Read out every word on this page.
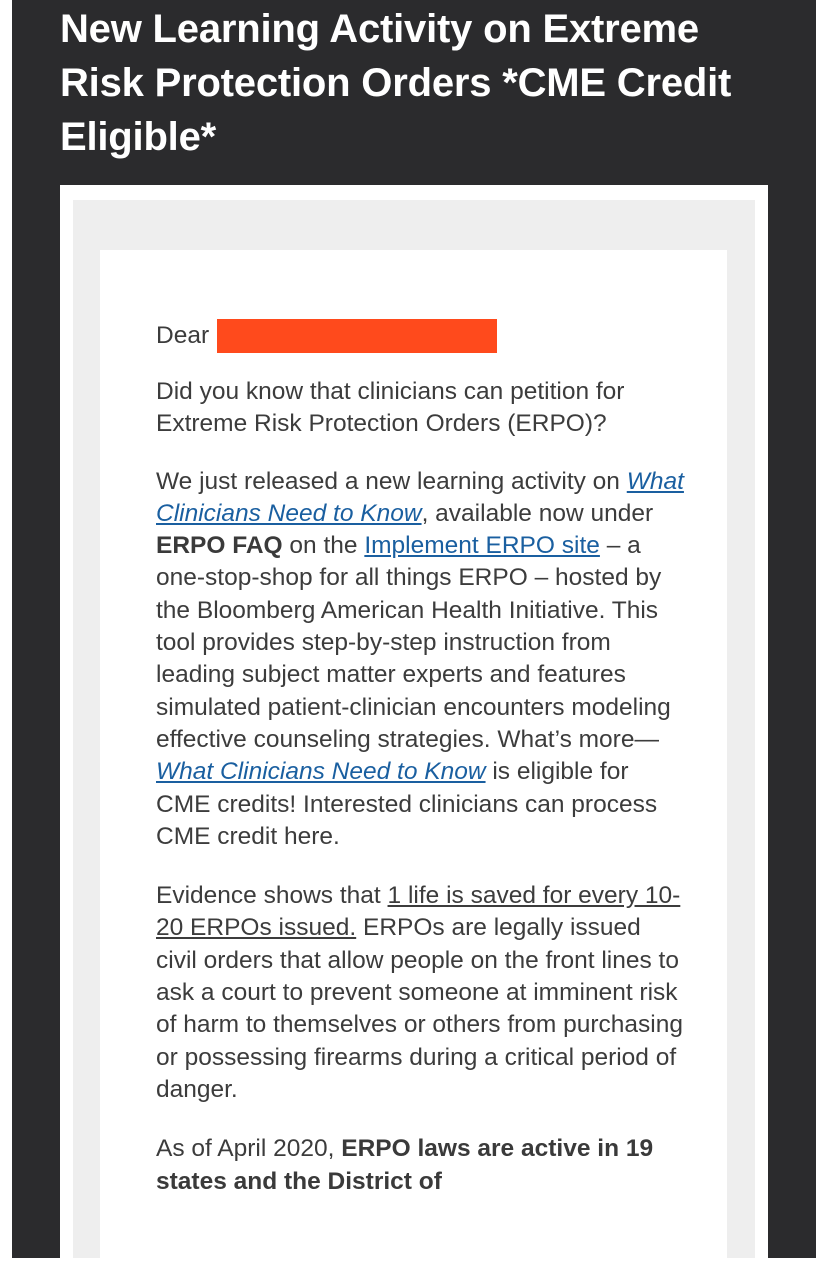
New Learning Activity on Extreme
Risk Protection Orders *CME Credit
Eligible*

Dear

Did you know that clinicians can petition for Extreme Risk Protection Orders (ERPO)?

We just released a new learning activity on What Clinicians Need to Know, available now under ERPO FAQ on the Implement ERPO site – a one-stop-shop for all things ERPO – hosted by the Bloomberg American Health Initiative. This tool provides step-by-step instruction from leading subject matter experts and features simulated patient-clinician encounters modeling effective counseling strategies. What’s more—What Clinicians Need to Know is eligible for CME credits! Interested clinicians can process CME credit here.

Evidence shows that 1 life is saved for every 10-20 ERPOs issued. ERPOs are legally issued civil orders that allow people on the front lines to ask a court to prevent someone at imminent risk of harm to themselves or others from purchasing or possessing firearms during a critical period of danger.

As of April 2020, ERPO laws are active in 19 states and the District of
